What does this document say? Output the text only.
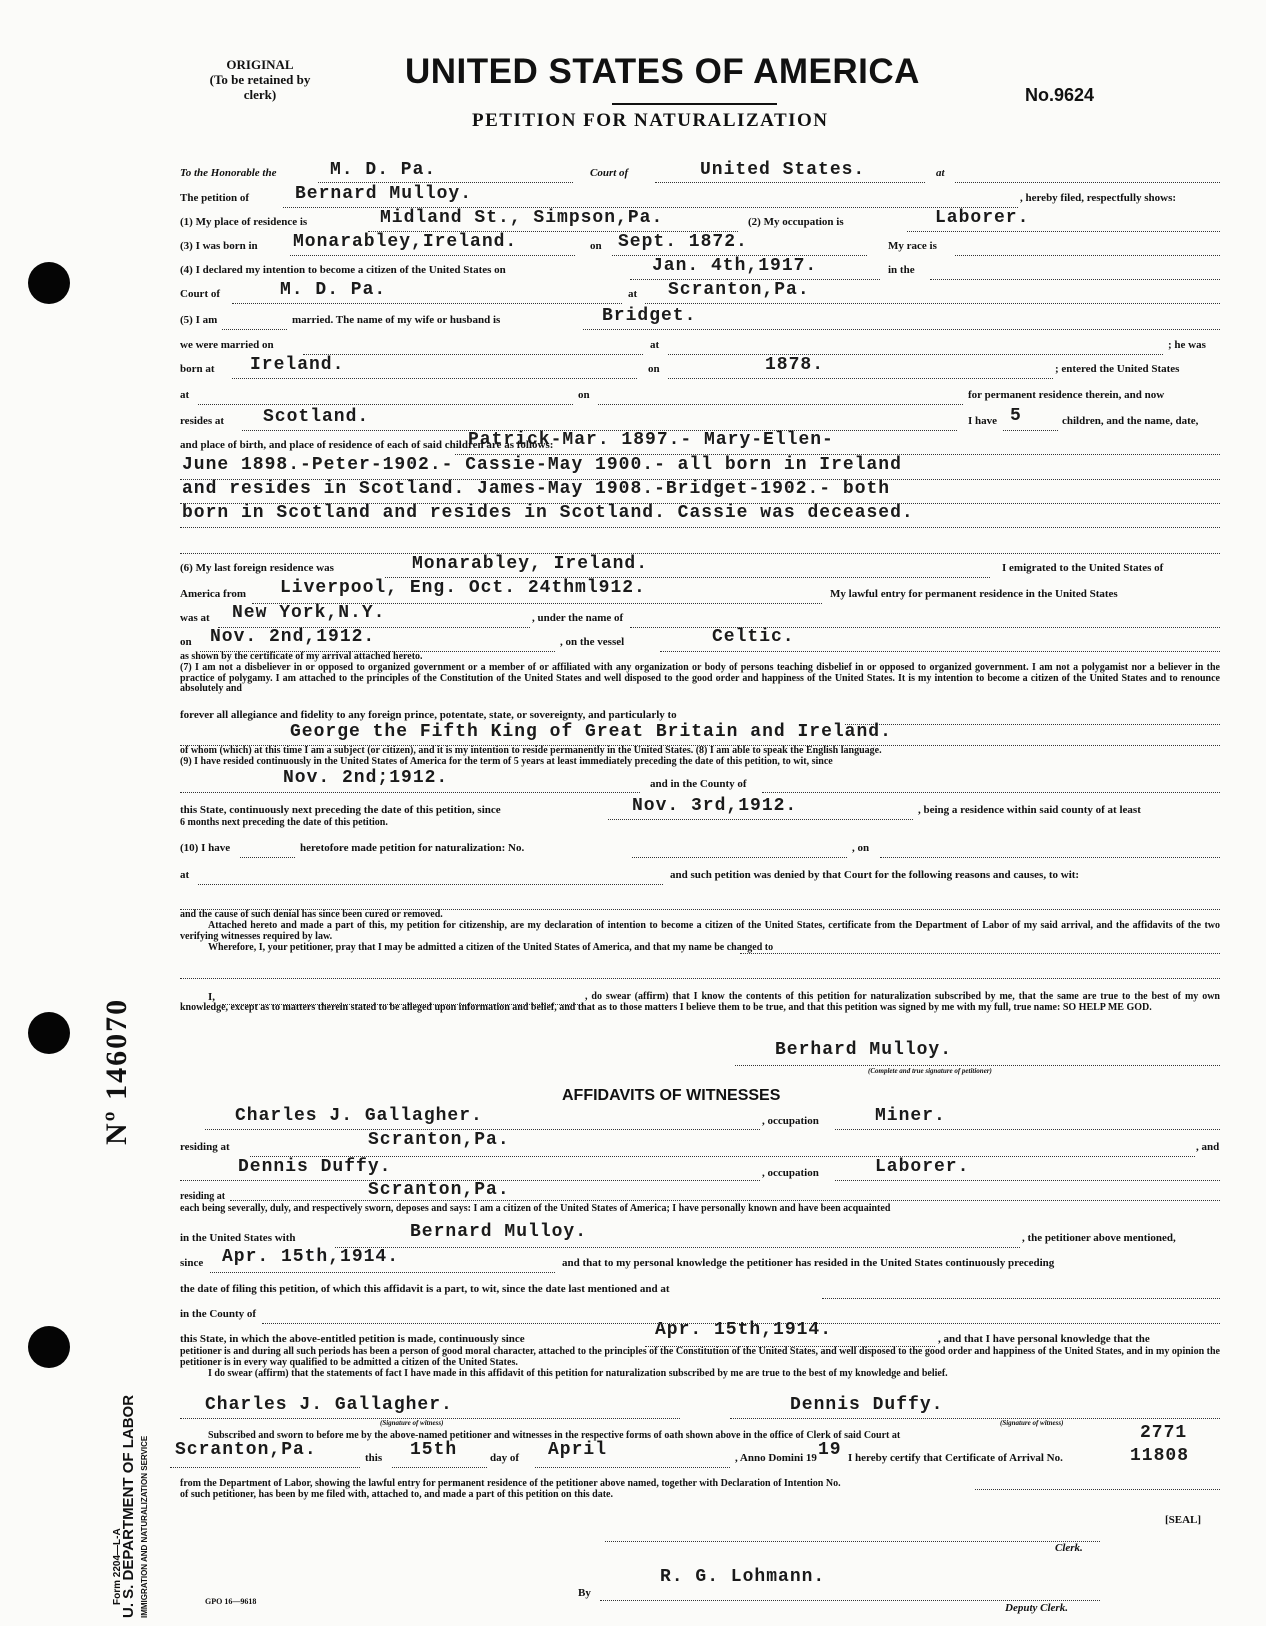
ORIGINAL
(To be retained by
clerk)
UNITED STATES OF AMERICA
PETITION FOR NATURALIZATION
No.9624
To the Honorable the	M. D. Pa.	Court of	United States.	at
The petition of	Bernard Mulloy.	, hereby filed, respectfully shows:
(1) My place of residence is	Midland St., Simpson,Pa.	(2) My occupation is	Laborer.
(3) I was born in Monarabley,Ireland.	on Sept. 1872.	My race is
(4) I declared my intention to become a citizen of the United States on	Jan. 4th,1917.	in the
Court of	M. D. Pa.	at Scranton,Pa.
(5) I am	married. The name of my wife or husband is	Bridget.
we were married on	at	; he was
born at Ireland.	on	1878.	; entered the United States
at	on	for permanent residence therein, and now
resides at Scotland.	I have 5	children, and the name, date,
and place of birth, and place of residence of each of said children are as follows:
Patrick-Mar. 1897.- Mary-Ellen-
June 1898.-Peter-1902.- Cassie-May 1900.- all born in Ireland
and resides in Scotland. James-May 1908.-Bridget-1902.- both
born in Scotland and resides in Scotland. Cassie was deceased.
(6) My last foreign residence was	Monarabley, Ireland.	I emigrated to the United States of
America from Liverpool, Eng. Oct. 24thml912.	My lawful entry for permanent residence in the United States
was at New York,N.Y.	, under the name of
on Nov. 2nd,1912.	, on the vessel	Celtic.
as shown by the certificate of my arrival attached hereto.
(7) I am not a disbeliever in or opposed to organized government or a member of or affiliated with any organization or body of persons teaching disbelief in or opposed to organized government. I am not a polygamist nor a believer in the practice of polygamy. I am attached to the principles of the Constitution of the United States and well disposed to the good order and happiness of the United States. It is my intention to become a citizen of the United States and to renounce absolutely and
forever all allegiance and fidelity to any foreign prince, potentate, state, or sovereignty, and particularly to
George the Fifth King of Great Britain and Ireland.
of whom (which) at this time I am a subject (or citizen), and it is my intention to reside permanently in the United States. (8) I am able to speak the English language.
(9) I have resided continuously in the United States of America for the term of 5 years at least immediately preceding the date of this petition, to wit, since
Nov. 2nd;1912.	and in the County of
this State, continuously next preceding the date of this petition, since	Nov. 3rd,1912.	, being a residence within said county of at least
6 months next preceding the date of this petition.
(10) I have	heretofore made petition for naturalization: No.	, on
at	and such petition was denied by that Court for the following reasons and causes, to wit:
and the cause of such denial has since been cured or removed.
Attached hereto and made a part of this, my petition for citizenship, are my declaration of intention to become a citizen of the United States, certificate from the Department of Labor of my said arrival, and the affidavits of the two verifying witnesses required by law.
Wherefore, I, your petitioner, pray that I may be admitted a citizen of the United States of America, and that my name be changed to
I,	, do swear (affirm) that I know the contents of this petition for naturalization subscribed by me, that the same are true to the best of my own knowledge, except as to matters therein stated to be alleged upon information and belief, and that as to those matters I believe them to be true, and that this petition was signed by me with my full, true name: SO HELP ME GOD.
Berhard Mulloy.
(Complete and true signature of petitioner)
AFFIDAVITS OF WITNESSES
Charles J. Gallagher.	, occupation	Miner.
residing at	Scranton,Pa.	, and
Dennis Duffy.	, occupation	Laborer.
residing at	Scranton,Pa.
each being severally, duly, and respectively sworn, deposes and says: I am a citizen of the United States of America; I have personally known and have been acquainted
in the United States with	Bernard Mulloy.	, the petitioner above mentioned,
since Apr. 15th,1914.	and that to my personal knowledge the petitioner has resided in the United States continuously preceding
the date of filing this petition, of which this affidavit is a part, to wit, since the date last mentioned and at
in the County of
this State, in which the above-entitled petition is made, continuously since	Apr. 15th,1914.	, and that I have personal knowledge that the
petitioner is and during all such periods has been a person of good moral character, attached to the principles of the Constitution of the United States, and well disposed to the good order and happiness of the United States, and in my opinion the petitioner is in every way qualified to be admitted a citizen of the United States.
I do swear (affirm) that the statements of fact I have made in this affidavit of this petition for naturalization subscribed by me are true to the best of my knowledge and belief.
Charles J. Gallagher.
(Signature of witness)
Dennis Duffy.
(Signature of witness)
Subscribed and sworn to before me by the above-named petitioner and witnesses in the respective forms of oath shown above in the office of Clerk of said Court at
Scranton,Pa.	this 15th	day of April	, Anno Domini 19 19 I hereby certify that Certificate of Arrival No.
2771
11808
from the Department of Labor, showing the lawful entry for permanent residence of the petitioner above named, together with Declaration of Intention No.
of such petitioner, has been by me filed with, attached to, and made a part of this petition on this date.
Clerk.
[SEAL]
By
R. G. Lohmann.
Deputy Clerk.
GPO 16—9618
Nº 146070
Form 2204—L-A
U. S. DEPARTMENT OF LABOR IMMIGRATION AND NATURALIZATION SERVICE
